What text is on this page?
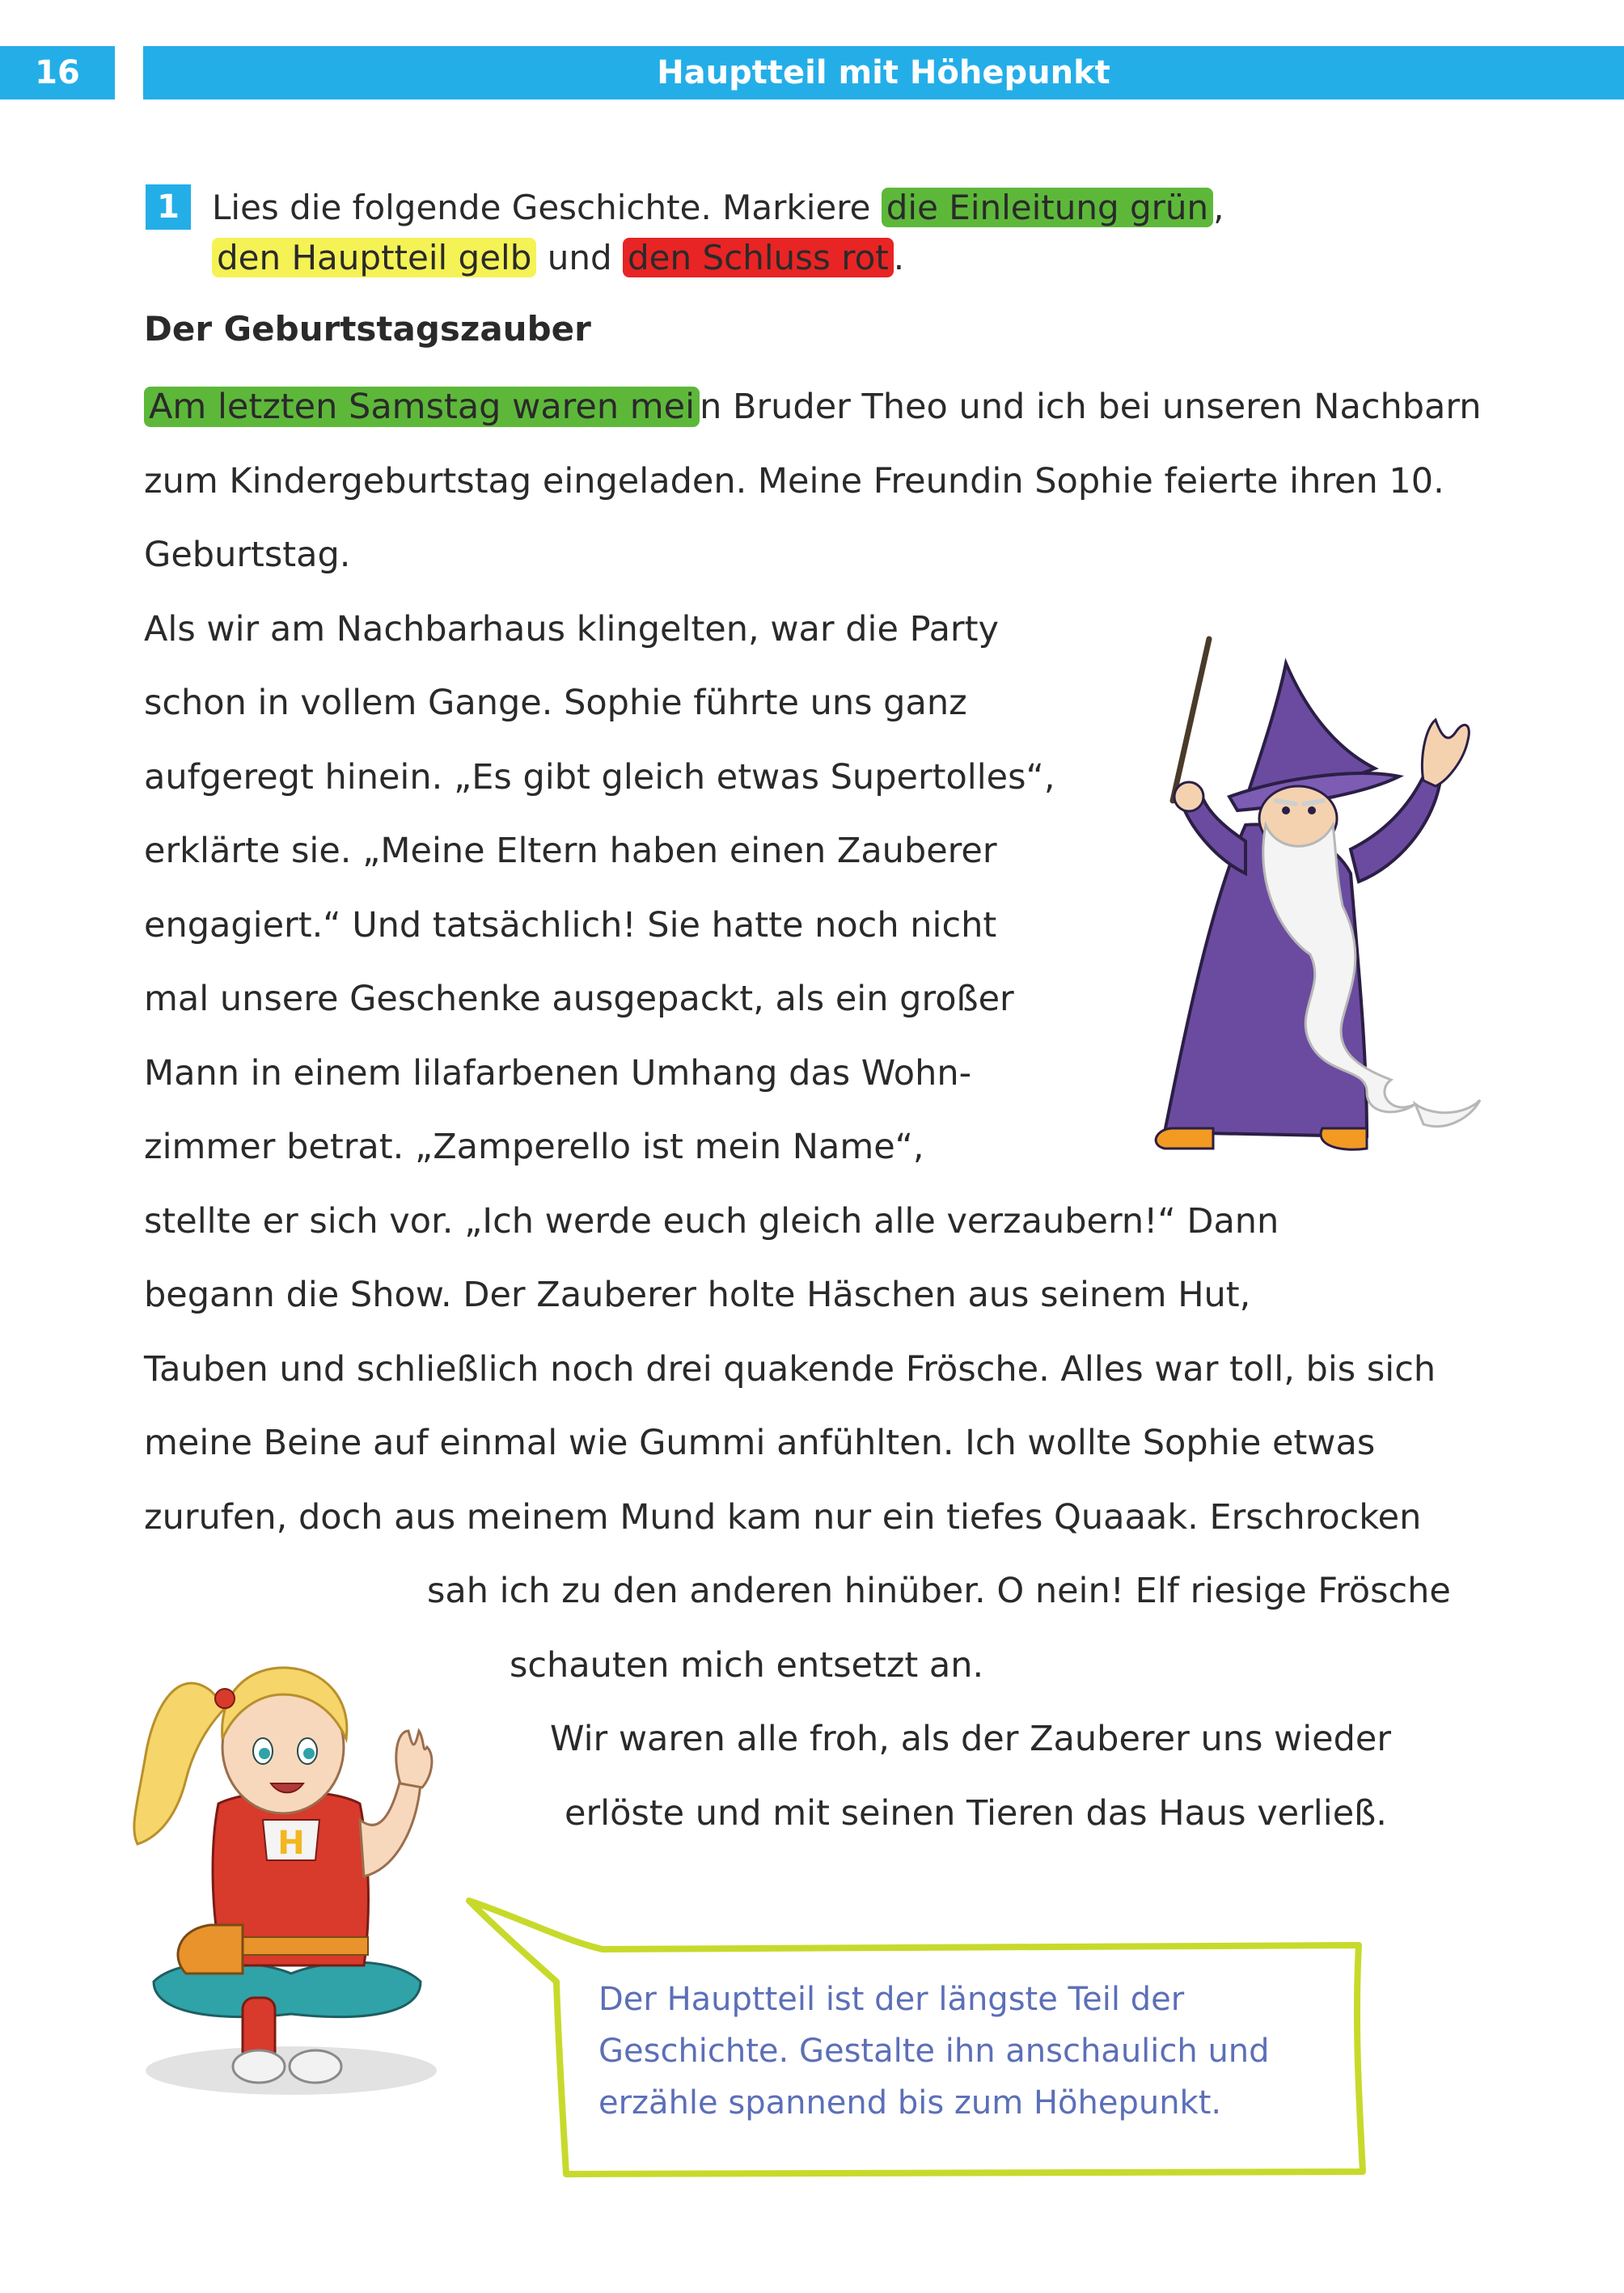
16	Hauptteil mit Höhepunkt
1 Lies die folgende Geschichte. Markiere die Einleitung grün ,
den Hauptteil gelb und den Schluss rot .
Der Geburtstagszauber
Am letzten Samstag waren mei n Bruder Theo und ich bei unseren Nachbarn
zum Kindergeburtstag eingeladen. Meine Freundin Sophie feierte ihren 10.
Geburtstag.
Als wir am Nachbarhaus klingelten, war die Party
schon in vollem Gange. Sophie führte uns ganz
aufgeregt hinein. „Es gibt gleich etwas Supertolles“,
erklärte sie. „Meine Eltern haben einen Zauberer
engagiert.“ Und tatsächlich! Sie hatte noch nicht
mal unsere Geschenke ausgepackt, als ein großer
Mann in einem lilafarbenen Umhang das Wohn-
zimmer betrat. „Zamperello ist mein Name“,
stellte er sich vor. „Ich werde euch gleich alle verzaubern!“ Dann
begann die Show. Der Zauberer holte Häschen aus seinem Hut,
Tauben und schließlich noch drei quakende Frösche. Alles war toll, bis sich
meine Beine auf einmal wie Gummi anfühlten. Ich wollte Sophie etwas
zurufen, doch aus meinem Mund kam nur ein tiefes Quaaak. Erschrocken
sah ich zu den anderen hinüber. O nein! Elf riesige Frösche
schauten mich entsetzt an.
Wir waren alle froh, als der Zauberer uns wieder
erlöste und mit seinen Tieren das Haus verließ.
H
Der Hauptteil ist der längste Teil der
Geschichte. Gestalte ihn anschaulich und
erzähle spannend bis zum Höhepunkt.
